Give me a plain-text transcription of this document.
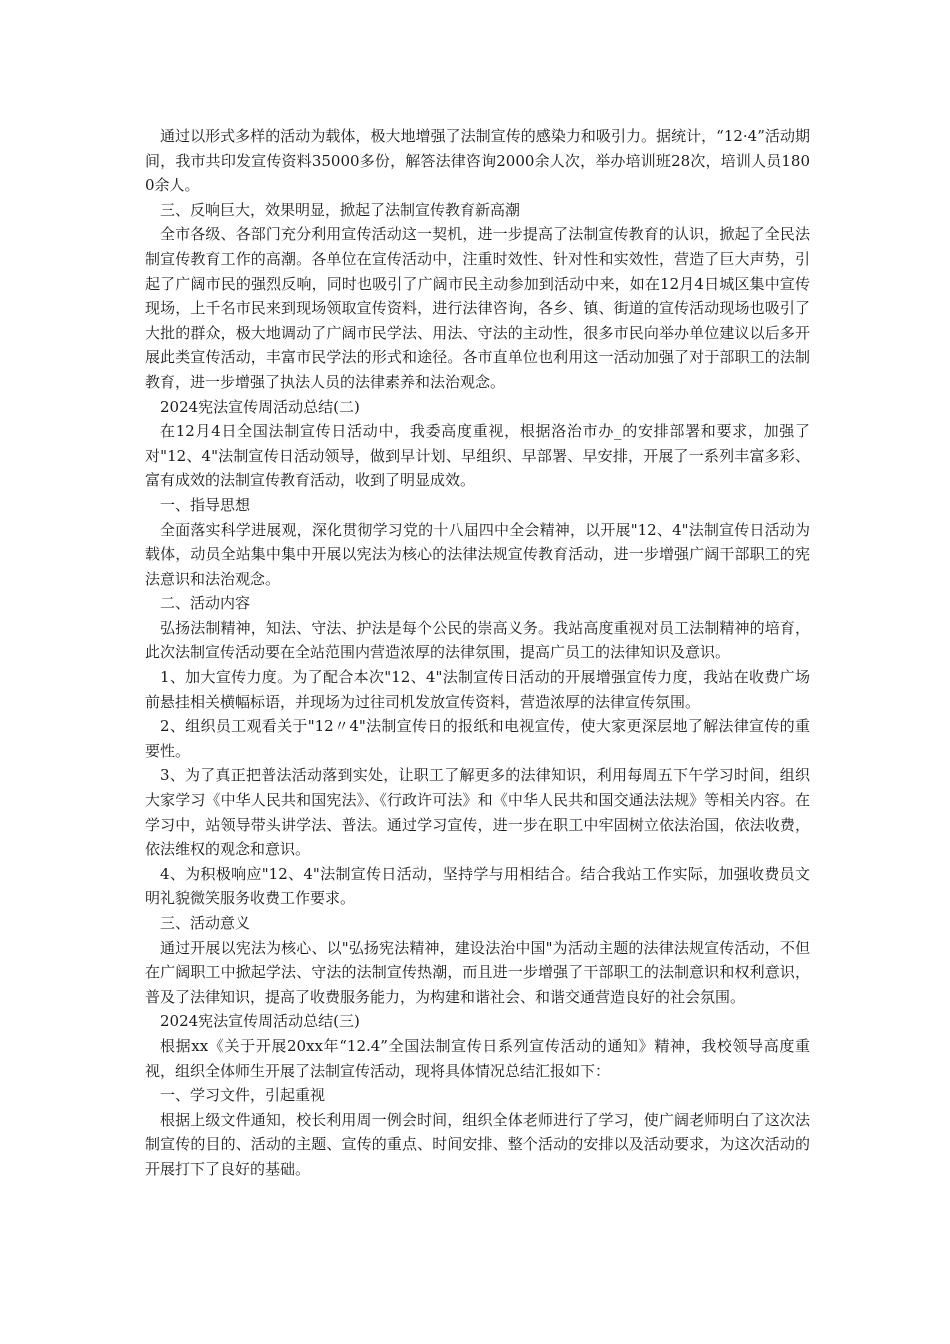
通过以形式多样的活动为载体，极大地增强了法制宣传的感染力和吸引力。据统计，“12·4”活动期间，我市共印发宣传资料35000多份，解答法律咨询2000余人次，举办培训班28次，培训人员1800余人。

三、反响巨大，效果明显，掀起了法制宣传教育新高潮

全市各级、各部门充分利用宣传活动这一契机，进一步提高了法制宣传教育的认识，掀起了全民法制宣传教育工作的高潮。各单位在宣传活动中，注重时效性、针对性和实效性，营造了巨大声势，引起了广阔市民的强烈反响，同时也吸引了广阔市民主动参加到活动中来，如在12月4日城区集中宣传现场，上千名市民来到现场领取宣传资料，进行法律咨询，各乡、镇、街道的宣传活动现场也吸引了大批的群众，极大地调动了广阔市民学法、用法、守法的主动性，很多市民向举办单位建议以后多开展此类宣传活动，丰富市民学法的形式和途径。各市直单位也利用这一活动加强了对于部职工的法制教育，进一步增强了执法人员的法律素养和法治观念。

2024宪法宣传周活动总结(二)

在12月4日全国法制宣传日活动中，我委高度重视，根据洛治市办_的安排部署和要求，加强了对"12、4"法制宣传日活动领导，做到早计划、早组织、早部署、早安排，开展了一系列丰富多彩、富有成效的法制宣传教育活动，收到了明显成效。

一、指导思想

全面落实科学进展观，深化贯彻学习党的十八届四中全会精神，以开展"12、4"法制宣传日活动为载体，动员全站集中集中开展以宪法为核心的法律法规宣传教育活动，进一步增强广阔干部职工的宪法意识和法治观念。

二、活动内容

弘扬法制精神，知法、守法、护法是每个公民的崇高义务。我站高度重视对员工法制精神的培育，此次法制宣传活动要在全站范围内营造浓厚的法律氛围，提高广员工的法律知识及意识。

1、加大宣传力度。为了配合本次"12、4"法制宣传日活动的开展增强宣传力度，我站在收费广场前悬挂相关横幅标语，并现场为过往司机发放宣传资料，营造浓厚的法律宣传氛围。

2、组织员工观看关于"12〃4"法制宣传日的报纸和电视宣传，使大家更深层地了解法律宣传的重要性。

3、为了真正把普法活动落到实处，让职工了解更多的法律知识，利用每周五下午学习时间，组织大家学习《中华人民共和国宪法》、《行政许可法》和《中华人民共和国交通法法规》等相关内容。在学习中，站领导带头讲学法、普法。通过学习宣传，进一步在职工中牢固树立依法治国，依法收费，依法维权的观念和意识。

4、为积极响应"12、4"法制宣传日活动，坚持学与用相结合。结合我站工作实际，加强收费员文明礼貌微笑服务收费工作要求。

三、活动意义

通过开展以宪法为核心、以"弘扬宪法精神，建设法治中国"为活动主题的法律法规宣传活动，不但在广阔职工中掀起学法、守法的法制宣传热潮，而且进一步增强了干部职工的法制意识和权利意识，普及了法律知识，提高了收费服务能力，为构建和谐社会、和谐交通营造良好的社会氛围。

2024宪法宣传周活动总结(三)

根据xx《关于开展20xx年“12.4”全国法制宣传日系列宣传活动的通知》精神，我校领导高度重视，组织全体师生开展了法制宣传活动，现将具体情况总结汇报如下：

一、学习文件，引起重视

根据上级文件通知，校长利用周一例会时间，组织全体老师进行了学习，使广阔老师明白了这次法制宣传的目的、活动的主题、宣传的重点、时间安排、整个活动的安排以及活动要求，为这次活动的开展打下了良好的基础。
